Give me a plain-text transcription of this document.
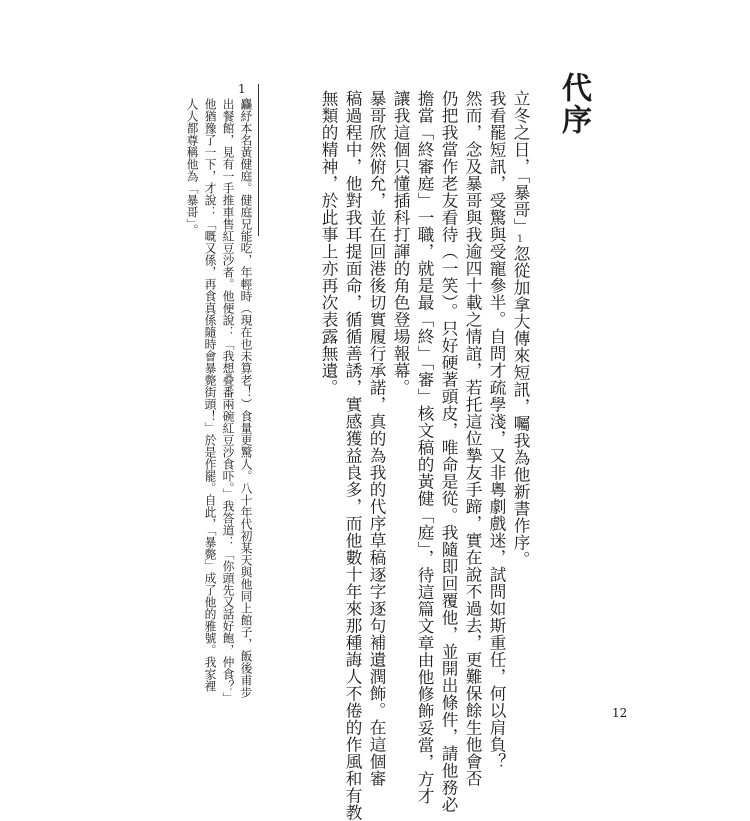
代序

立冬之日，「暴哥」1忽從加拿大傳來短訊，囑我為他新書作序。

我看罷短訊，受驚與受寵參半。自問才疏學淺，又非粵劇戲迷，試問如斯重任，何以肩負？

然而，念及暴哥與我逾四十載之情誼，若托這位摯友手蹄，實在說不過去，更難保餘生他會否

仍把我當作老友看待（一笑）。只好硬著頭皮，唯命是從。我隨即回覆他，並開出條件，請他務必

擔當「終審庭」一職，就是最「終」「審」核文稿的黃健「庭」，待這篇文章由他修飾妥當，方才

讓我這個只懂插科打諢的角色登場報幕。

暴哥欣然俯允，並在回港後切實履行承諾，真的為我的代序草稿逐字逐句補遺潤飾。在這個審

稿過程中，他對我耳提面命，循循善誘，實感獲益良多，而他數十年來那種誨人不倦的作風和有教

無類的精神，於此事上亦再次表露無遺。

1

麤紓本名黃健庭。健庭兄能吃，年輕時（現在也未算老！）食量更驚人。八十年代初某天與他同上館子，飯後甫步

出餐館，見有一手推車售紅豆沙者。他便說：「我想叠番兩碗紅豆沙食吓。」我答道：「你頭先又話好飽，仲食？」

他猶豫了一下，才說：「嘅又係，再食真係隨時會暴斃街頭！」於是作罷。自此，「暴斃」成了他的雅號。我家裡

人人都尊稱他為「暴哥」。

12
